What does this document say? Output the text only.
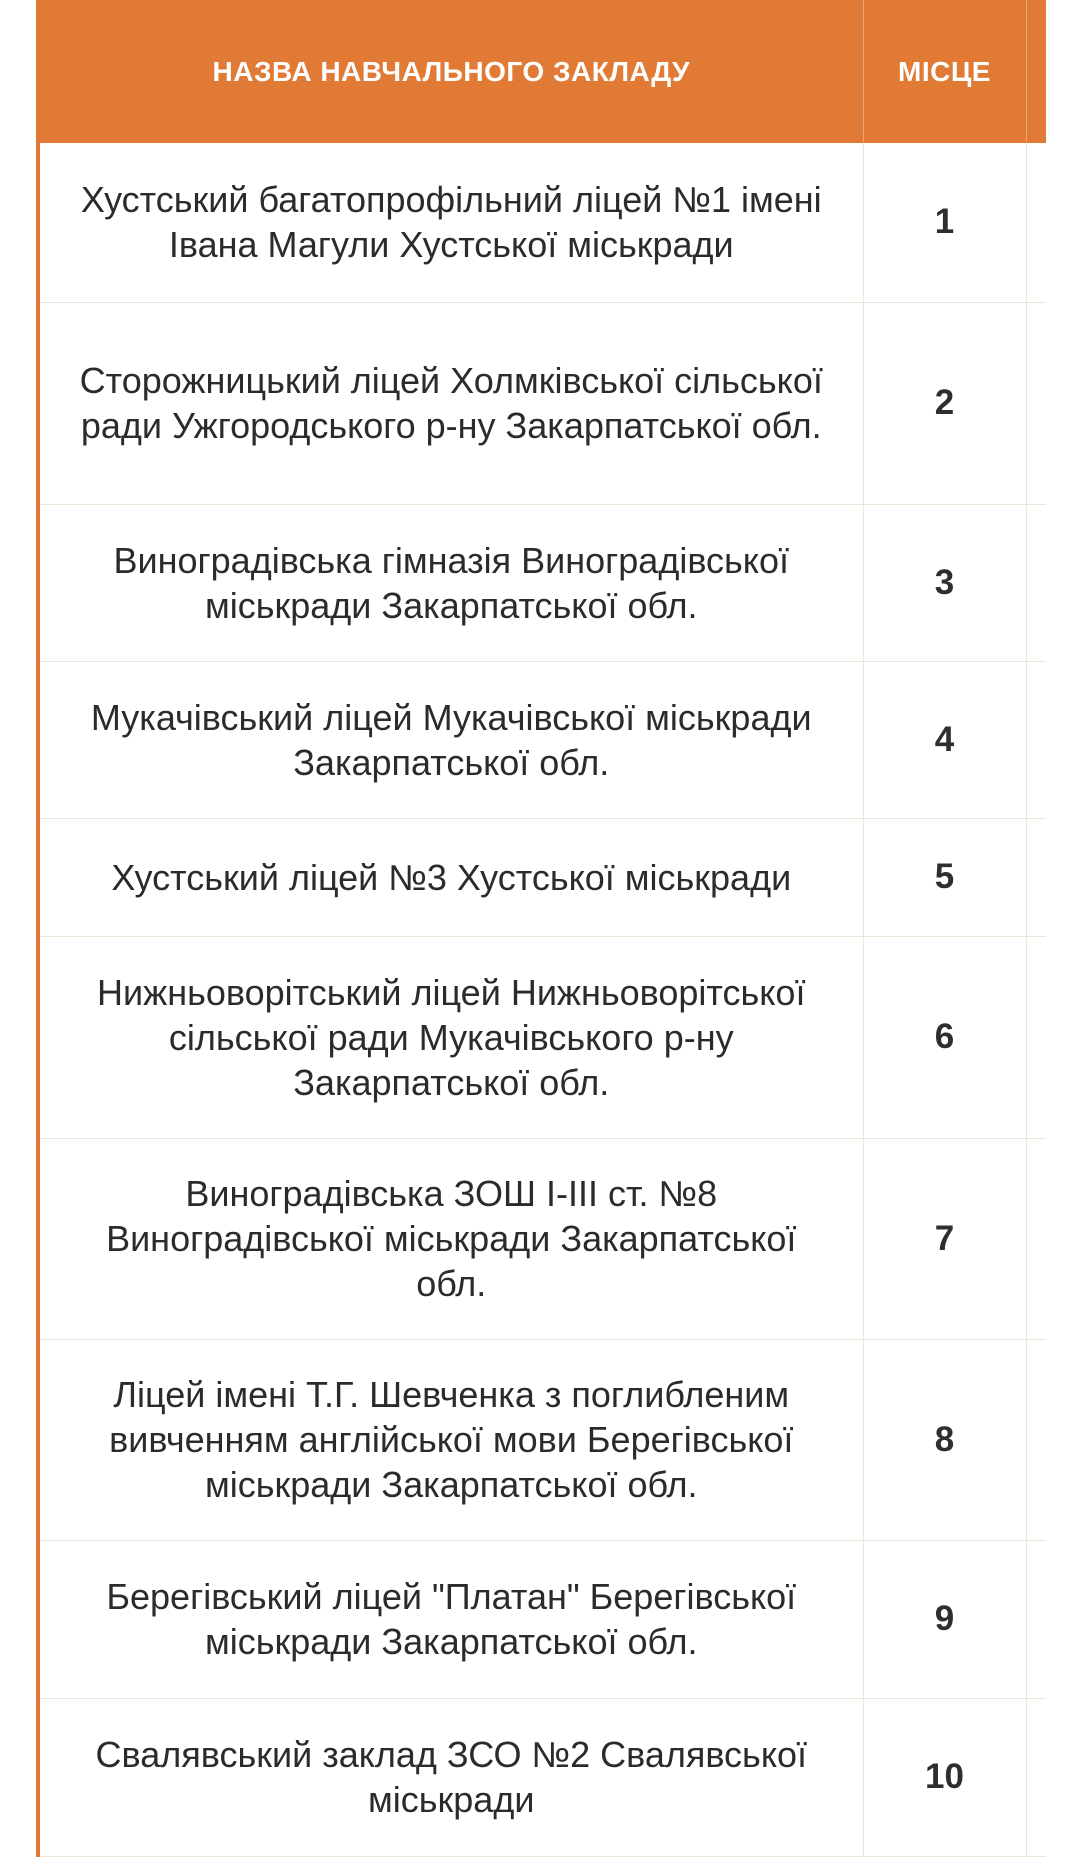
НАЗВА НАВЧАЛЬНОГО ЗАКЛАДУ	МІСЦЕ	
Хустський багатопрофільний ліцей №1 імені Івана Магули Хустської міськради	1	
Сторожницький ліцей Холмківської сільської ради Ужгородського р-ну Закарпатської обл.	2	
Виноградівська гімназія Виноградівської міськради Закарпатської обл.	3	
Мукачівський ліцей Мукачівської міськради Закарпатської обл.	4	
Хустський ліцей №3 Хустської міськради	5	
Нижньоворітський ліцей Нижньоворітської сільської ради Мукачівського р-ну Закарпатської обл.	6	
Виноградівська ЗОШ І-ІІІ ст. №8 Виноградівської міськради Закарпатської обл.	7	
Ліцей імені Т.Г. Шевченка з поглибленим вивченням англійської мови Берегівської міськради Закарпатської обл.	8	
Берегівський ліцей "Платан" Берегівської міськради Закарпатської обл.	9	
Свалявський заклад ЗСО №2 Свалявської міськради	10	
